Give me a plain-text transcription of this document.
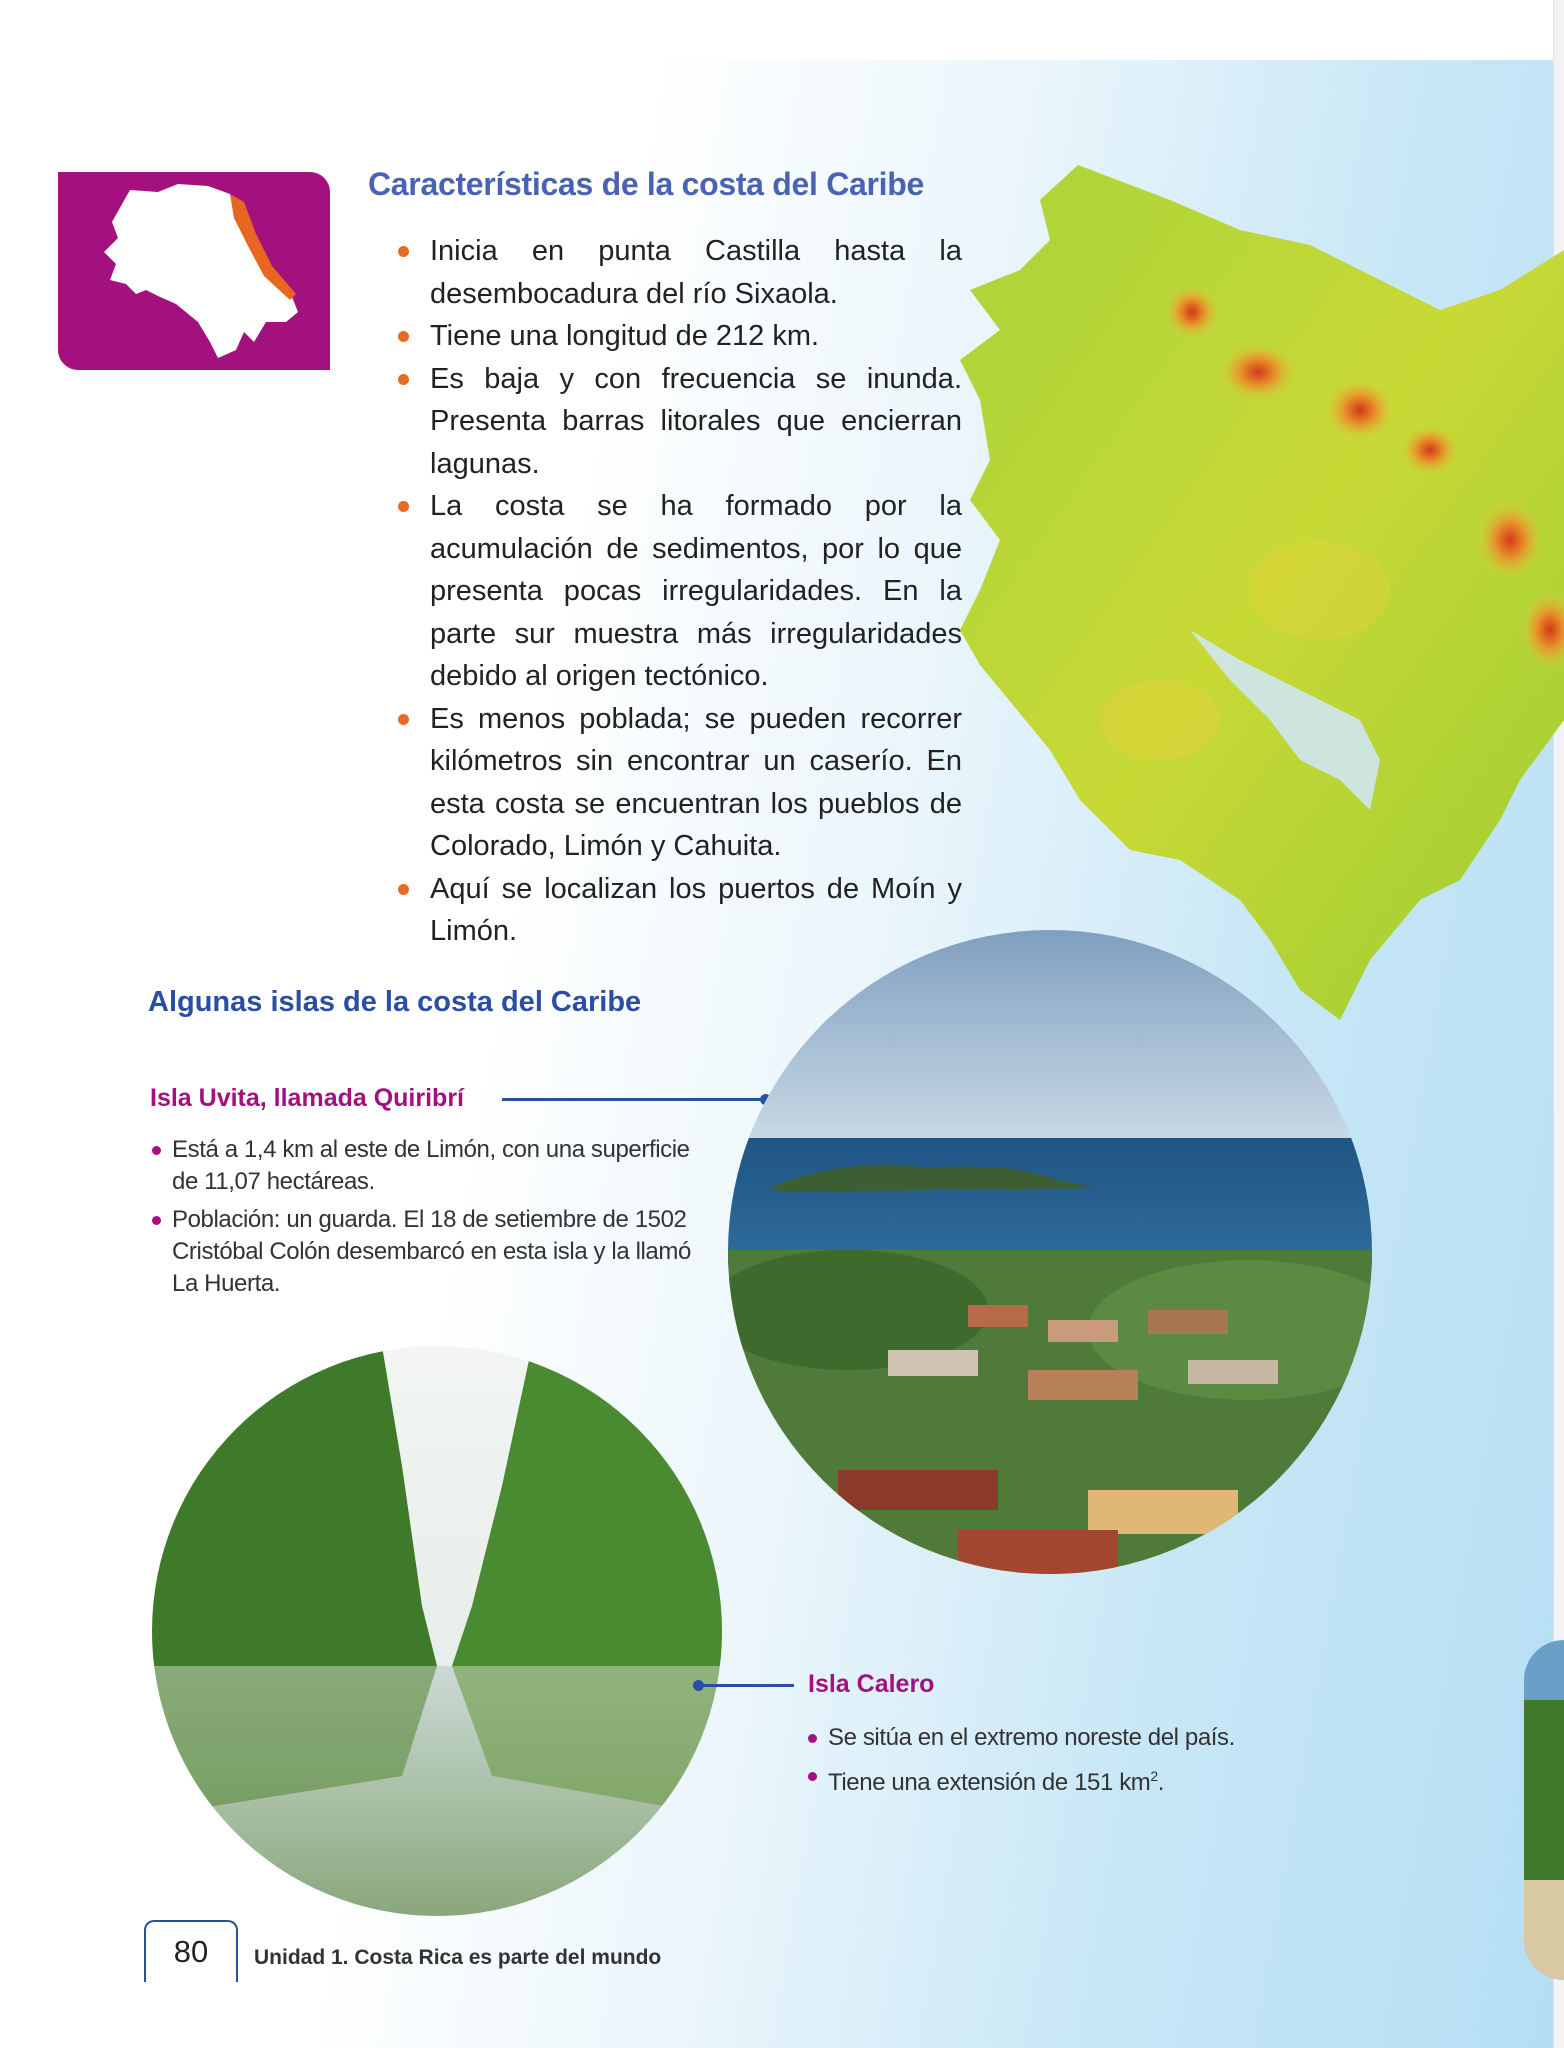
Características de la costa del Caribe
Inicia en punta Castilla hasta la desembocadura del río Sixaola.
Tiene una longitud de 212 km.
Es baja y con frecuencia se inunda. Presenta barras litorales que encierran lagunas.
La costa se ha formado por la acumulación de sedimentos, por lo que presenta pocas irregularidades. En la parte sur muestra más irregularidades debido al origen tectónico.
Es menos poblada; se pueden recorrer kilómetros sin encontrar un caserío. En esta costa se encuentran los pueblos de Colorado, Limón y Cahuita.
Aquí se localizan los puertos de Moín y Limón.
Algunas islas de la costa del Caribe
Isla Uvita, llamada Quiribrí
Está a 1,4 km al este de Limón, con una superficie de 11,07 hectáreas.
Población: un guarda. El 18 de setiembre de 1502 Cristóbal Colón desembarcó en esta isla y la llamó La Huerta.
Isla Calero
Se sitúa en el extremo noreste del país.
Tiene una extensión de 151 $km^2$.
80	Unidad 1. Costa Rica es parte del mundo
